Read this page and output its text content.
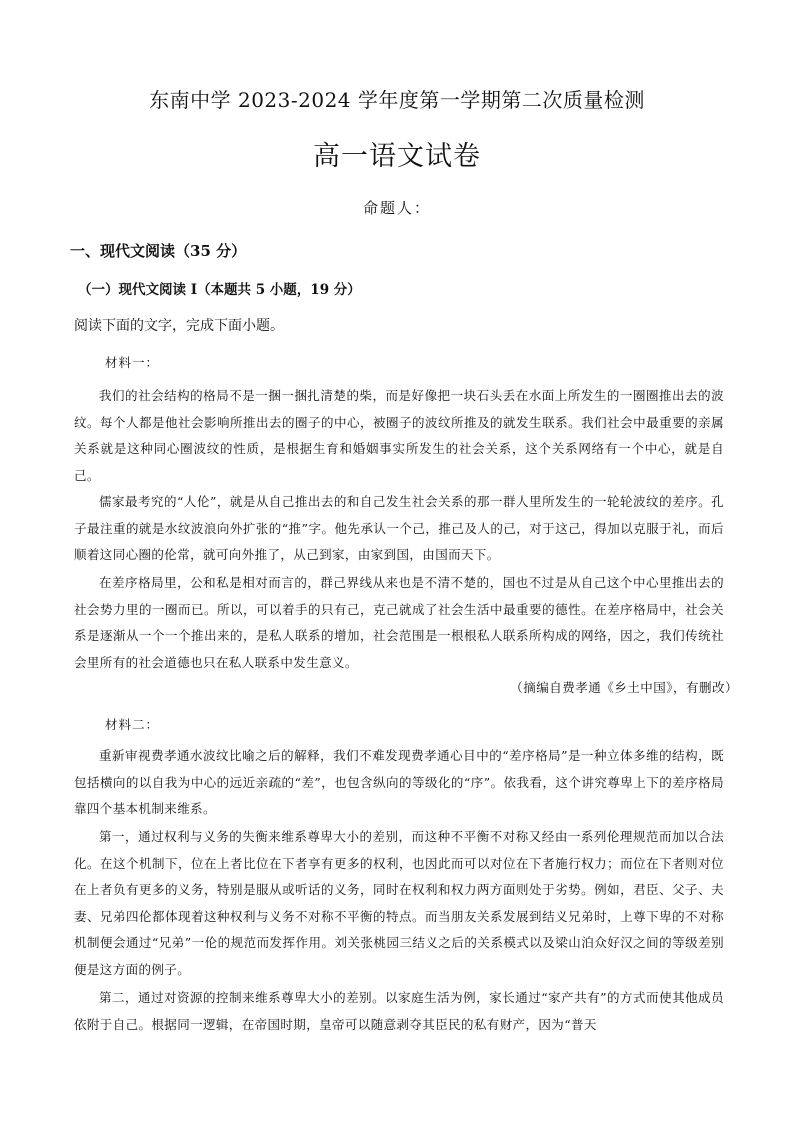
东南中学 2023-2024 学年度第一学期第二次质量检测
高一语文试卷
命题人：
一、现代文阅读（35 分）
（一）现代文阅读 I（本题共 5 小题，19 分）
阅读下面的文字，完成下面小题。
材料一：

我们的社会结构的格局不是一捆一捆扎清楚的柴，而是好像把一块石头丢在水面上所发生的一圈圈推出去的波纹。每个人都是他社会影响所推出去的圈子的中心，被圈子的波纹所推及的就发生联系。我们社会中最重要的亲属关系就是这种同心圈波纹的性质，是根据生育和婚姻事实所发生的社会关系，这个关系网络有一个中心，就是自己。

儒家最考究的“人伦”，就是从自己推出去的和自己发生社会关系的那一群人里所发生的一轮轮波纹的差序。孔子最注重的就是水纹波浪向外扩张的“推”字。他先承认一个己，推己及人的己，对于这己，得加以克服于礼，而后顺着这同心圈的伦常，就可向外推了，从己到家，由家到国，由国而天下。

在差序格局里，公和私是相对而言的，群己界线从来也是不清不楚的，国也不过是从自己这个中心里推出去的社会势力里的一圈而已。所以，可以着手的只有己，克己就成了社会生活中最重要的德性。在差序格局中，社会关系是逐渐从一个一个推出来的，是私人联系的增加，社会范围是一根根私人联系所构成的网络，因之，我们传统社会里所有的社会道德也只在私人联系中发生意义。

（摘编自费孝通《乡土中国》，有删改）
材料二：

重新审视费孝通水波纹比喻之后的解释，我们不难发现费孝通心目中的“差序格局”是一种立体多维的结构，既包括横向的以自我为中心的远近亲疏的“差”，也包含纵向的等级化的“序”。依我看，这个讲究尊卑上下的差序格局靠四个基本机制来维系。

第一，通过权利与义务的失衡来维系尊卑大小的差别，而这种不平衡不对称又经由一系列伦理规范而加以合法化。在这个机制下，位在上者比位在下者享有更多的权利，也因此而可以对位在下者施行权力；而位在下者则对位在上者负有更多的义务，特别是服从或听话的义务，同时在权利和权力两方面则处于劣势。例如，君臣、父子、夫妻、兄弟四伦都体现着这种权利与义务不对称不平衡的特点。而当朋友关系发展到结义兄弟时，上尊下卑的不对称机制便会通过“兄弟”一伦的规范而发挥作用。刘关张桃园三结义之后的关系模式以及梁山泊众好汉之间的等级差别便是这方面的例子。

第二，通过对资源的控制来维系尊卑大小的差别。以家庭生活为例，家长通过“家产共有”的方式而使其他成员依附于自己。根据同一逻辑，在帝国时期，皇帝可以随意剥夺其臣民的私有财产，因为“普天
